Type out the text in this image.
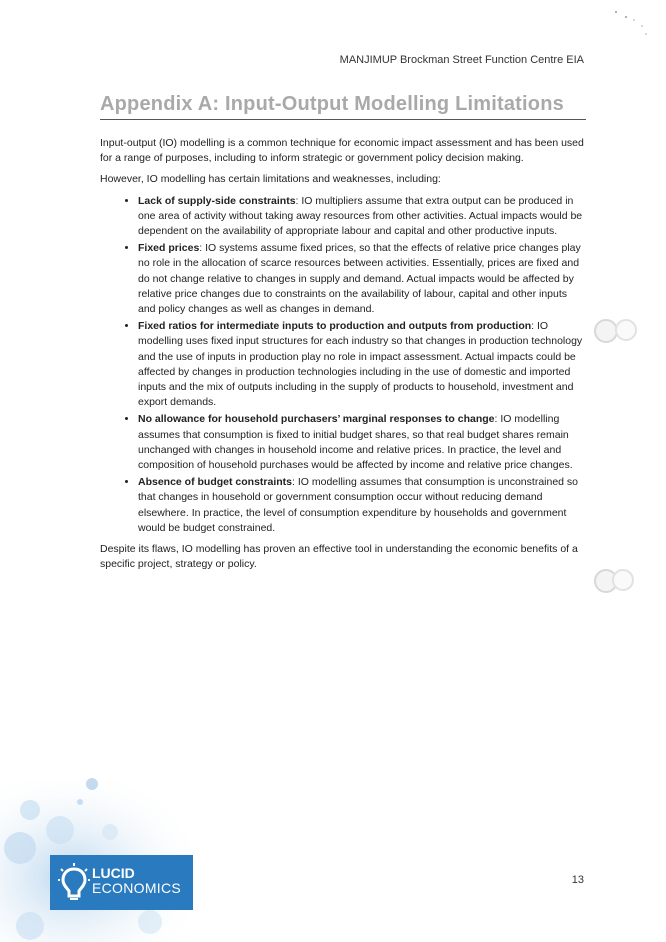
MANJIMUP Brockman Street Function Centre EIA
Appendix A: Input-Output Modelling Limitations

Input-output (IO) modelling is a common technique for economic impact assessment and has been used for a range of purposes, including to inform strategic or government policy decision making.

However, IO modelling has certain limitations and weaknesses, including:

• Lack of supply-side constraints: IO multipliers assume that extra output can be produced in one area of activity without taking away resources from other activities. Actual impacts would be dependent on the availability of appropriate labour and capital and other productive inputs.
• Fixed prices: IO systems assume fixed prices, so that the effects of relative price changes play no role in the allocation of scarce resources between activities. Essentially, prices are fixed and do not change relative to changes in supply and demand. Actual impacts would be affected by relative price changes due to constraints on the availability of labour, capital and other inputs and policy changes as well as changes in demand.
• Fixed ratios for intermediate inputs to production and outputs from production: IO modelling uses fixed input structures for each industry so that changes in production technology and the use of inputs in production play no role in impact assessment. Actual impacts could be affected by changes in production technologies including in the use of domestic and imported inputs and the mix of outputs including in the supply of products to household, investment and export demands.
• No allowance for household purchasers’ marginal responses to change: IO modelling assumes that consumption is fixed to initial budget shares, so that real budget shares remain unchanged with changes in household income and relative prices. In practice, the level and composition of household purchases would be affected by income and relative price changes.
• Absence of budget constraints: IO modelling assumes that consumption is unconstrained so that changes in household or government consumption occur without reducing demand elsewhere. In practice, the level of consumption expenditure by households and government would be budget constrained.

Despite its flaws, IO modelling has proven an effective tool in understanding the economic benefits of a specific project, strategy or policy.

LUCID
ECONOMICS	13
